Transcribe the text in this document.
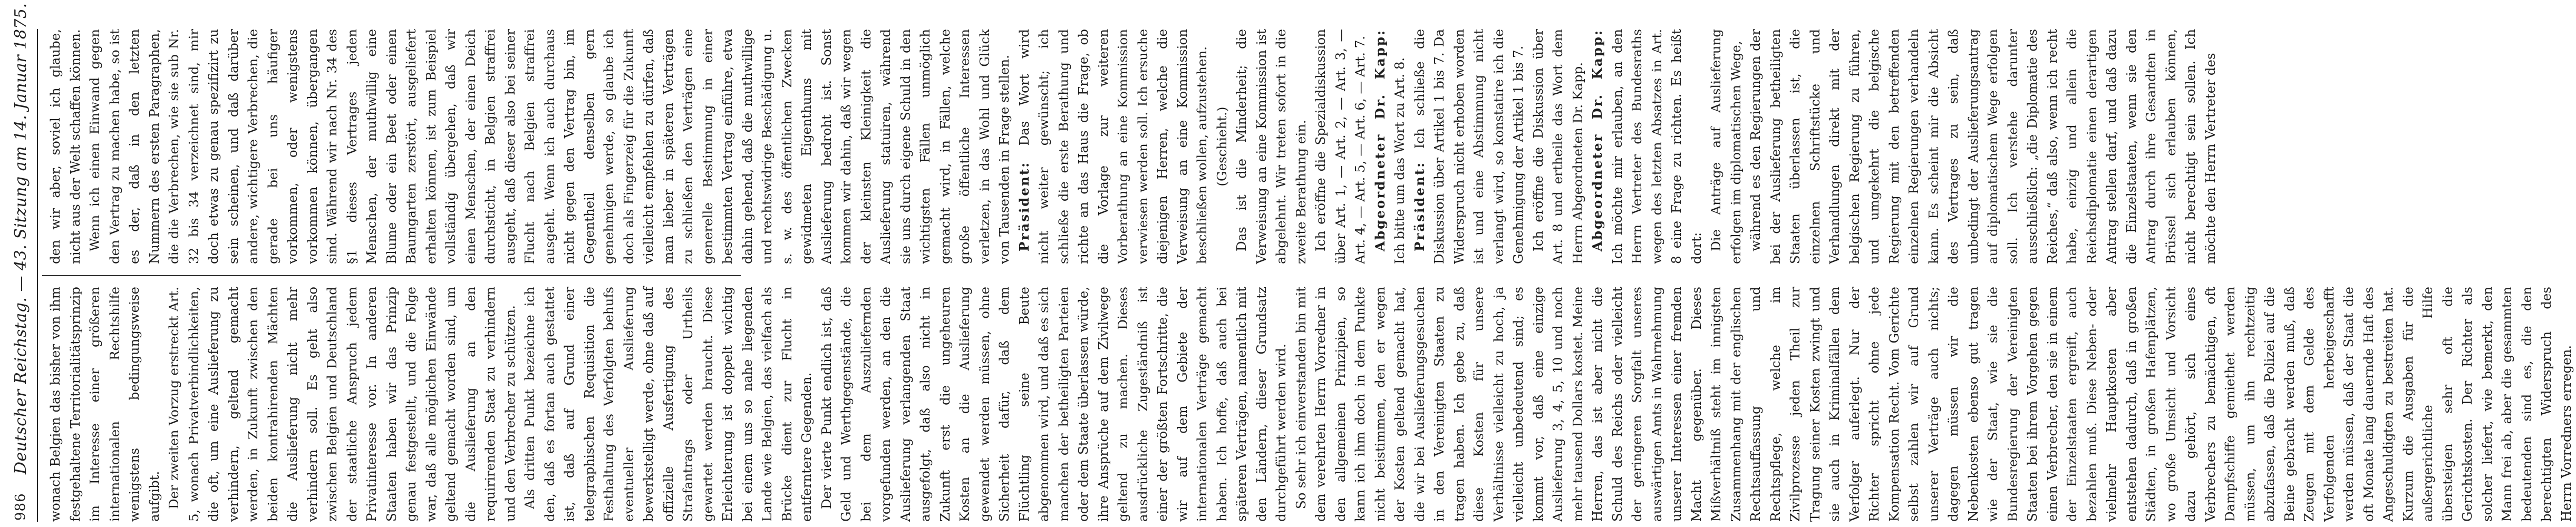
986
Deutscher Reichstag. — 43. Sitzung am 14. Januar 1875. wonach Belgien das bisher von ihm festgehaltene Territorialitätsprinzip im Interesse einer größeren internationalen Rechtshilfe wenigstens bedingungsweise aufgibt. Der zweiten Vorzug erstreckt Art. 5, wonach Privatverbindlichkeiten, die oft, um eine Auslieferung zu verhindern, geltend gemacht werden, in Zukunft zwischen den beiden kontrahirenden Mächten die Auslieferung nicht mehr verhindern soll. Es geht also zwischen Belgien und Deutschland der staatliche Anspruch jedem Privatinteresse vor. In anderen Staaten haben wir das Prinzip genau festgestellt, und die Folge war, daß alle möglichen Einwände geltend gemacht worden sind, um die Auslieferung an den requirirenden Staat zu verhindern und den Verbrecher zu schützen. Als dritten Punkt bezeichne ich den, daß es fortan auch gestattet ist, daß auf Grund einer telegraphischen Requisition die Festhaltung des Verfolgten behufs eventueller Auslieferung bewerkstelligt werde, ohne daß auf offizielle Ausfertigung des Strafantrags oder Urtheils gewartet werden braucht. Diese Erleichterung ist doppelt wichtig bei einem uns so nahe liegenden Lande wie Belgien, das vielfach als Brücke dient zur Flucht in entferntere Gegenden. Der vierte Punkt endlich ist, daß Geld und Werthgegenstände, die bei dem Auszuliefernden vorgefunden werden, an den die Auslieferung verlangenden Staat ausgefolgt, daß also nicht in Zukunft erst die ungeheuren Kosten an die Auslieferung gewendet werden müssen, ohne Sicherheit dafür, daß dem Flüchtling seine Beute abgenommen wird, und daß es sich manchen der betheiligten Parteien oder dem Staate überlassen würde, ihre Ansprüche auf dem Zivilwege geltend zu machen. Dieses ausdrückliche Zugeständniß ist einer der größten Fortschritte, die wir auf dem Gebiete der internationalen Verträge gemacht haben. Ich hoffe, daß auch bei späteren Verträgen, namentlich mit den Ländern, dieser Grundsatz durchgeführt werden wird. So sehr ich einverstanden bin mit dem verehrten Herrn Vorredner in den allgemeinen Prinzipien, so kann ich ihm doch in dem Punkte nicht beistimmen, den er wegen der Kosten geltend gemacht hat, die wir bei Auslieferungsgesuchen in den Vereinigten Staaten zu tragen haben. Ich gebe zu, daß diese Kosten für unsere Verhältnisse vielleicht zu hoch, ja vielleicht unbedeutend sind; es kommt vor, daß eine einzige Auslieferung 3, 4, 5, 10 und noch mehr tausend Dollars kostet. Meine Herren, das ist aber nicht die Schuld des Reichs oder vielleicht der geringeren Sorgfalt unseres auswärtigen Amts in Wahrnehmung unserer Interessen einer fremden Macht gegenüber. Dieses Mißverhältniß steht im innigsten Zusammenhang mit der englischen Rechtsauffassung und Rechtspflege, welche im Zivilprozesse jeden Theil zur Tragung seiner Kosten zwingt und sie auch in Kriminalfällen dem Verfolger auferlegt. Nur der Richter spricht ohne jede Kompensation Recht. Vom Gerichte selbst zahlen wir auf Grund unserer Verträge auch nichts; dagegen müssen wir die Nebenkosten ebenso gut tragen wie der Staat, wie sie die Bundesregierung der Vereinigten Staaten bei ihrem Vorgehen gegen einen Verbrecher, den sie in einem der Einzelstaaten ergreift, auch bezahlen muß. Diese Neben- oder vielmehr Hauptkosten aber entstehen dadurch, daß in großen Städten, in großen Hafenplätzen, wo große Umsicht und Vorsicht dazu gehört, sich eines Verbrechers zu bemächtigen, oft Dampfschiffe gemiethet werden müssen, um ihn rechtzeitig abzufassen, daß die Polizei auf die Beine gebracht werden muß, daß Zeugen mit dem Gelde des Verfolgenden herbeigeschafft werden müssen, daß der Staat die oft Monate lang dauernde Haft des Angeschuldigten zu bestreiten hat. Kurzum die Ausgaben für die außergerichtliche Hilfe übersteigen sehr oft die Gerichtskosten. Der Richter als solcher liefert, wie bemerkt, den Mann frei ab, aber die gesammten bedeutenden sind es, die den berechtigten Widerspruch des Herrn Vorredners erregen.

den wir aber, soviel ich glaube, nicht aus der Welt schaffen können. Wenn ich einen Einwand gegen den Vertrag zu machen habe, so ist es der, daß in den letzten Nummern des ersten Paragraphen, die die Verbrechen, wie sie sub Nr. 32 bis 34 verzeichnet sind, mir doch etwas zu genau spezifizirt zu sein scheinen, und daß darüber andere, wichtigere Verbrechen, die gerade bei uns häufiger vorkommen, oder wenigstens vorkommen können, übergangen sind. Während wir nach Nr. 34 des §1 dieses Vertrages jeden Menschen, der muthwillig eine Blume oder ein Beet oder einen Baumgarten zerstört, ausgeliefert erhalten können, ist zum Beispiel vollständig übergehen, daß wir einen Menschen, der einen Deich durchsticht, in Belgien straffrei ausgeht, daß dieser also bei seiner Flucht nach Belgien straffrei ausgeht. Wenn ich auch durchaus nicht gegen den Vertrag bin, im Gegentheil denselben gern genehmigen werde, so glaube ich doch als Fingerzeig für die Zukunft vielleicht empfehlen zu dürfen, daß man lieber in späteren Verträgen zu schließen den Verträgen eine generelle Bestimmung in einer bestimmten Vertrag einführe, etwa dahin gehend, daß die muthwillige und rechtswidrige Beschädigung u. s. w. des öffentlichen Zwecken gewidmeten Eigenthums mit Auslieferung bedroht ist. Sonst kommen wir dahin, daß wir wegen der kleinsten Kleinigkeit die Auslieferung statuiren, während sie uns durch eigene Schuld in den wichtigsten Fällen unmöglich gemacht wird, in Fällen, welche große öffentliche Interessen verletzen, in das Wohl und Glück von Tausenden in Frage stellen. Präsident: Das Wort wird nicht weiter gewünscht; ich schließe die erste Berathung und richte an das Haus die Frage, ob die Vorlage zur weiteren Vorberathung an eine Kommission verwiesen werden soll. Ich ersuche diejenigen Herren, welche die Verweisung an eine Kommission beschließen wollen, aufzustehen. (Geschieht.) Das ist die Minderheit; die Verweisung an eine Kommission ist abgelehnt. Wir treten sofort in die zweite Berathung ein. Ich eröffne die Spezialdiskussion über Art. 1, — Art. 2, — Art. 3, — Art. 4, — Art. 5, — Art. 6, — Art. 7. Abgeordneter Dr. Kapp: Ich bitte um das Wort zu Art. 8. Präsident: Ich schließe die Diskussion über Artikel 1 bis 7. Da Widerspruch nicht erhoben worden ist und eine Abstimmung nicht verlangt wird, so konstatire ich die Genehmigung der Artikel 1 bis 7. Ich eröffne die Diskussion über Art. 8 und ertheile das Wort dem Herrn Abgeordneten Dr. Kapp. Abgeordneter Dr. Kapp: Ich möchte mir erlauben, an den Herrn Vertreter des Bundesraths wegen des letzten Absatzes in Art. 8 eine Frage zu richten. Es heißt dort: Die Anträge auf Auslieferung erfolgen im diplomatischen Wege, während es den Regierungen der bei der Auslieferung betheiligten Staaten überlassen ist, die einzelnen Schriftstücke und Verhandlungen direkt mit der belgischen Regierung zu führen, und umgekehrt die belgische Regierung mit den betreffenden einzelnen Regierungen verhandeln kann. Es scheint mir die Absicht des Vertrages zu sein, daß unbedingt der Auslieferungsantrag auf diplomatischem Wege erfolgen soll. Ich verstehe darunter ausschließlich: „die Diplomatie des Reiches,“ daß also, wenn ich recht habe, einzig und allein die Reichsdiplomatie einen derartigen Antrag stellen darf, und daß dazu die Einzelstaaten, wenn sie den Antrag durch ihre Gesandten in Brüssel sich erlauben können, nicht berechtigt sein sollen. Ich möchte den Herrn Vertreter des
